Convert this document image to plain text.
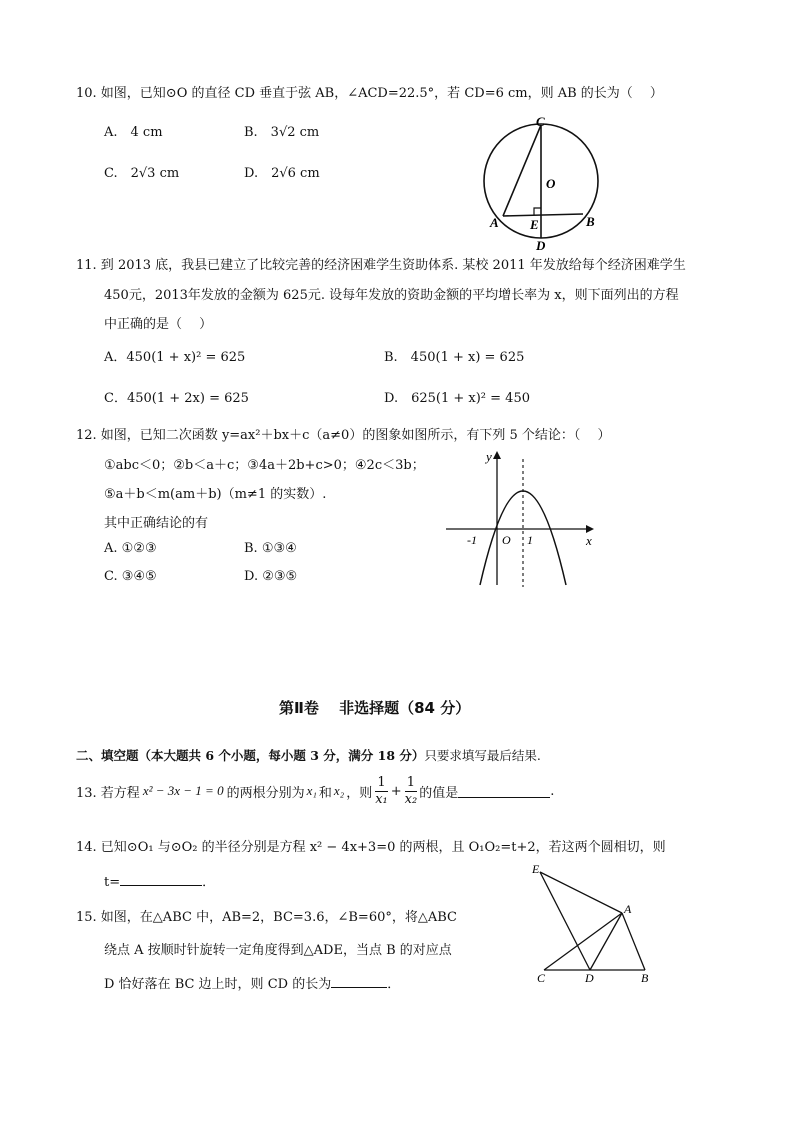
10. 如图，已知⊙O 的直径 CD 垂直于弦 AB，∠ACD=22.5°，若 CD=6 cm，则 AB 的长为（　 ）
A.　4 cm	B.　3√2 cm
C.　2√3 cm	D.　2√6 cm
C
O
A E	B
D
11. 到 2013 底，我县已建立了比较完善的经济困难学生资助体系. 某校 2011 年发放给每个经济困难学生
450元，2013年发放的金额为 625元. 设每年发放的资助金额的平均增长率为 x，则下面列出的方程
中正确的是（　 ）
A．450(1 + x)² = 625	B.　450(1 + x) = 625
C．450(1 + 2x) = 625	D.　625(1 + x)² = 450
12. 如图，已知二次函数 y=ax²＋bx＋c（a≠0）的图象如图所示，有下列 5 个结论：（　 ）
①abc＜0；②b＜a＋c；③4a＋2b+c>0；④2c＜3b；
⑤a＋b＜m(am＋b)（m≠1 的实数）.
其中正确结论的有
A. ①②③	B. ①③④
C. ③④⑤	D. ②③⑤
y
x
O
-1	1
第Ⅱ卷　 非选择题（84 分）
二、填空题（本大题共 6 个小题，每小题 3 分，满分 18 分）只要求填写最后结果.
13. 若方程 x² − 3x − 1 = 0 的两根分别为 x₁ 和 x₂ ，则 $\frac{1}{\text{x₁}} + \frac{1}{\text{x₂}}$ 的值是	.
14. 已知⊙O₁ 与⊙O₂ 的半径分别是方程 x² − 4x+3=0 的两根，且 O₁O₂=t+2，若这两个圆相切，则
t=	．
15. 如图，在△ABC 中，AB=2，BC=3.6，∠B=60°，将△ABC
绕点 A 按顺时针旋转一定角度得到△ADE，当点 B 的对应点
D 恰好落在 BC 边上时，则 CD 的长为	．
E
A
C	D	B
